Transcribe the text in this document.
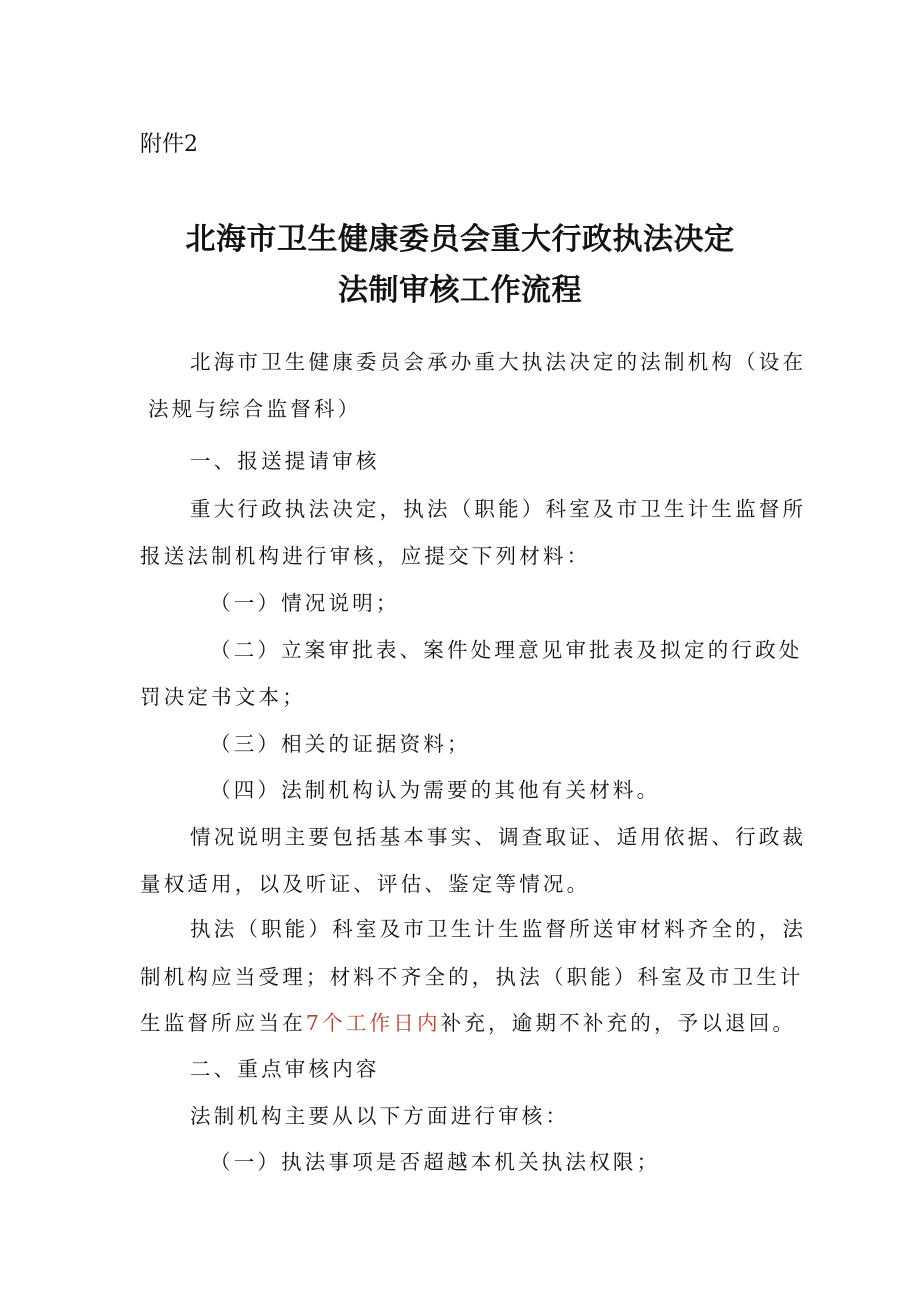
附件2
北海市卫生健康委员会重大行政执法决定
法制审核工作流程
北海市卫生健康委员会承办重大执法决定的法制机构（设在
法规与综合监督科）
一、报送提请审核
重大行政执法决定，执法（职能）科室及市卫生计生监督所
报送法制机构进行审核，应提交下列材料：
（一）情况说明；
（二）立案审批表、案件处理意见审批表及拟定的行政处
罚决定书文本；
（三）相关的证据资料；
（四）法制机构认为需要的其他有关材料。
情况说明主要包括基本事实、调查取证、适用依据、行政裁
量权适用，以及听证、评估、鉴定等情况。
执法（职能）科室及市卫生计生监督所送审材料齐全的，法
制机构应当受理；材料不齐全的，执法（职能）科室及市卫生计
生监督所应当在7个工作日内补充，逾期不补充的，予以退回。
二、重点审核内容
法制机构主要从以下方面进行审核：
（一）执法事项是否超越本机关执法权限；
